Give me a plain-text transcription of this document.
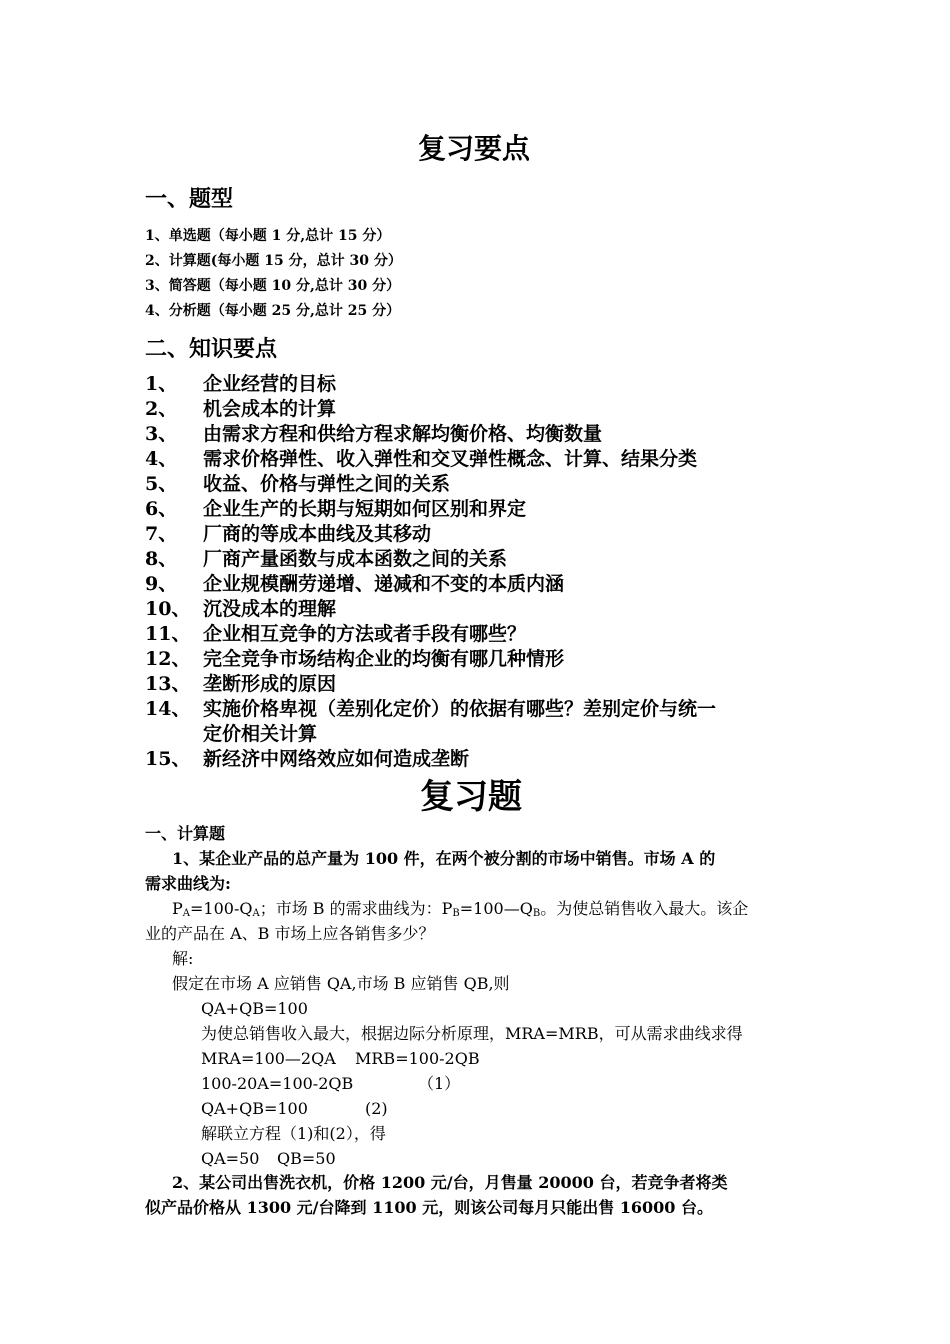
复习要点
一、题型
1、单选题（每小题 1 分,总计 15 分）
2、计算题(每小题 15 分，总计 30 分）
3、简答题（每小题 10 分,总计 30 分）
4、分析题（每小题 25 分,总计 25 分）
二、知识要点
1、 企业经营的目标
2、 机会成本的计算
3、 由需求方程和供给方程求解均衡价格、均衡数量
4、 需求价格弹性、收入弹性和交叉弹性概念、计算、结果分类
5、 收益、价格与弹性之间的关系
6、 企业生产的长期与短期如何区别和界定
7、 厂商的等成本曲线及其移动
8、 厂商产量函数与成本函数之间的关系
9、 企业规模酬劳递增、递减和不变的本质内涵
10、 沉没成本的理解
11、 企业相互竞争的方法或者手段有哪些？
12、 完全竞争市场结构企业的均衡有哪几种情形
13、 垄断形成的原因
14、 实施价格卑视（差别化定价）的依据有哪些？差别定价与统一
定价相关计算
15、 新经济中网络效应如何造成垄断
复习题
一、计算题
1、某企业产品的总产量为 100 件，在两个被分割的市场中销售。市场 A 的
需求曲线为:
$P_A=100-Q_A$；市场 B 的需求曲线为：$P_B=100—Q_B$。为使总销售收入最大。该企
业的产品在 A、B 市场上应各销售多少？
解:
假定在市场 A 应销售 QA,市场 B 应销售 QB,则
QA+QB=100
为使总销售收入最大，根据边际分析原理，MRA=MRB，可从需求曲线求得
MRA=100—2QA MRB=100-2QB
100-20A=100-2QB	（1）
QA+QB=100	(2)
解联立方程（1)和(2），得
QA=50 QB=50
2、某公司出售洗衣机，价格 1200 元/台，月售量 20000 台，若竞争者将类
似产品价格从 1300 元/台降到 1100 元，则该公司每月只能出售 16000 台。
